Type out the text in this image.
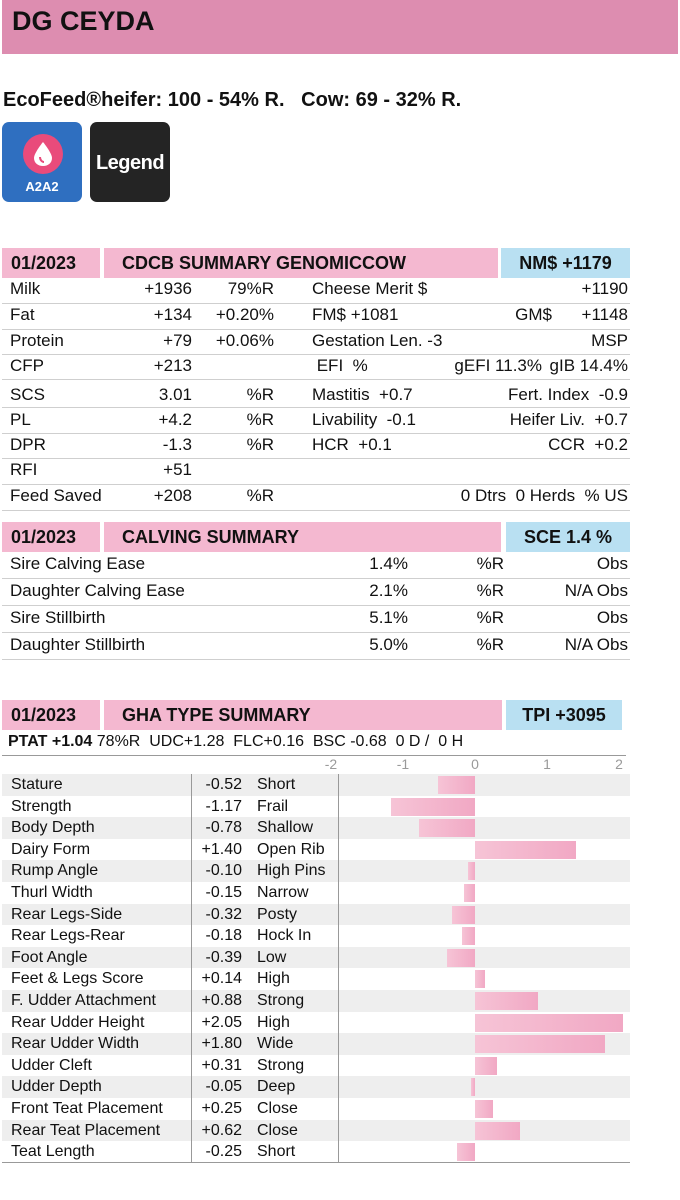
DG CEYDA
EcoFeed®heifer: 100 - 54% R.   Cow: 69 - 32% R.
A2A2
Legend
01/2023	CDCB SUMMARY GENOMICCOW	NM$ +1179
Milk	+1936	79%R Cheese Merit $	+1190
Fat	+134	+0.20% FM$ +1081	GM$	+1148
Protein	+79	+0.06% Gestation Len. -3	MSP
CFP	+213	EFI  %	gEFI 11.3% gIB 14.4%
SCS	3.01	%R Mastitis  +0.7	Fert. Index  -0.9
PL	+4.2	%R Livability  -0.1	Heifer Liv.  +0.7
DPR	-1.3	%R HCR  +0.1	CCR  +0.2
RFI	+51
Feed Saved	+208	%R	0 Dtrs  0 Herds  % US
01/2023	CALVING SUMMARY	SCE 1.4 %
Sire Calving Ease	1.4%	%R	Obs
Daughter Calving Ease	2.1%	%R	N/A Obs
Sire Stillbirth	5.1%	%R	Obs
Daughter Stillbirth	5.0%	%R	N/A Obs
01/2023	GHA TYPE SUMMARY	TPI +3095
PTAT +1.04 78%R  UDC+1.28  FLC+0.16  BSC -0.68  0 D /  0 H
-2	-1	0	1	2
Stature	-0.52 Short
Strength	-1.17 Frail
Body Depth	-0.78 Shallow
Dairy Form	+1.40 Open Rib
Rump Angle	-0.10 High Pins
Thurl Width	-0.15 Narrow
Rear Legs-Side	-0.32 Posty
Rear Legs-Rear	-0.18 Hock In
Foot Angle	-0.39 Low
Feet & Legs Score	+0.14 High
F. Udder Attachment	+0.88 Strong
Rear Udder Height	+2.05 High
Rear Udder Width	+1.80 Wide
Udder Cleft	+0.31 Strong
Udder Depth	-0.05 Deep
Front Teat Placement	+0.25 Close
Rear Teat Placement	+0.62 Close
Teat Length	-0.25 Short
